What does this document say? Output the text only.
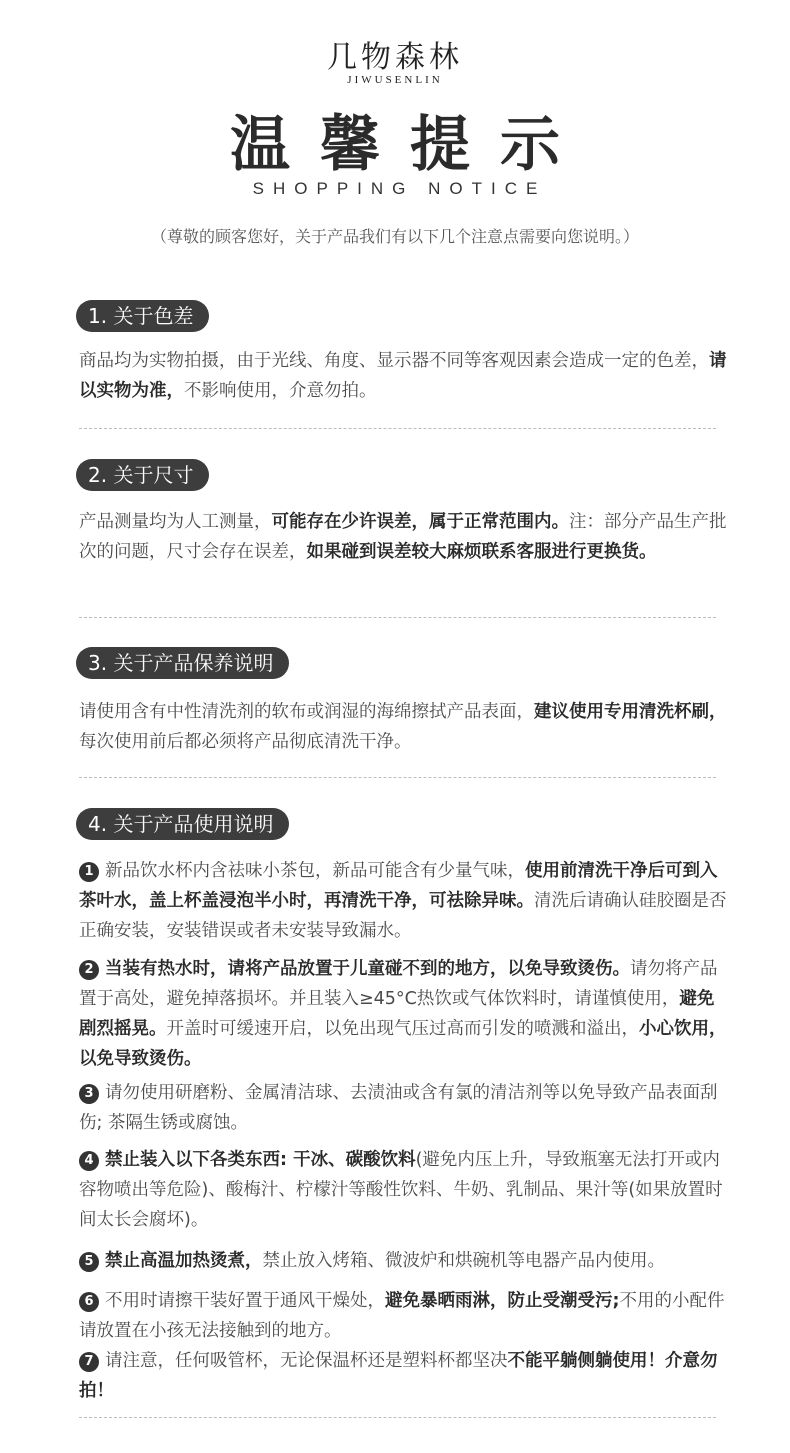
几物森林
JIWUSENLIN
温馨提示
SHOPPING NOTICE
（尊敬的顾客您好，关于产品我们有以下几个注意点需要向您说明。）
1. 关于色差
商品均为实物拍摄，由于光线、角度、显示器不同等客观因素会造成一定的色差，请以实物为准，不影响使用，介意勿拍。
2. 关于尺寸
产品测量均为人工测量，可能存在少许误差，属于正常范围内。注：部分产品生产批次的问题，尺寸会存在误差，如果碰到误差较大麻烦联系客服进行更换货。
3. 关于产品保养说明
请使用含有中性清洗剂的软布或润湿的海绵擦拭产品表面，建议使用专用清洗杯刷，每次使用前后都必须将产品彻底清洗干净。
4. 关于产品使用说明
1 新品饮水杯内含祛味小茶包，新品可能含有少量气味，使用前清洗干净后可到入茶叶水，盖上杯盖浸泡半小时，再清洗干净，可祛除异味。清洗后请确认硅胶圈是否正确安装，安装错误或者未安装导致漏水。
2 当装有热水时，请将产品放置于儿童碰不到的地方，以免导致烫伤。请勿将产品置于高处，避免掉落损坏。并且装入≥45°C热饮或气体饮料时，请谨慎使用，避免剧烈摇晃。开盖时可缓速开启，以免出现气压过高而引发的喷溅和溢出，小心饮用，以免导致烫伤。
3 请勿使用研磨粉、金属清洁球、去渍油或含有氯的清洁剂等以免导致产品表面刮伤; 茶隔生锈或腐蚀。
4 禁止装入以下各类东西: 干冰、碳酸饮料(避免内压上升，导致瓶塞无法打开或内容物喷出等危险)、酸梅汁、柠檬汁等酸性饮料、牛奶、乳制品、果汁等(如果放置时间太长会腐坏)。
5 禁止高温加热烫煮，禁止放入烤箱、微波炉和烘碗机等电器产品内使用。
6 不用时请擦干装好置于通风干燥处，避免暴晒雨淋，防止受潮受污;不用的小配件请放置在小孩无法接触到的地方。
7 请注意，任何吸管杯，无论保温杯还是塑料杯都坚决不能平躺侧躺使用！介意勿拍！
